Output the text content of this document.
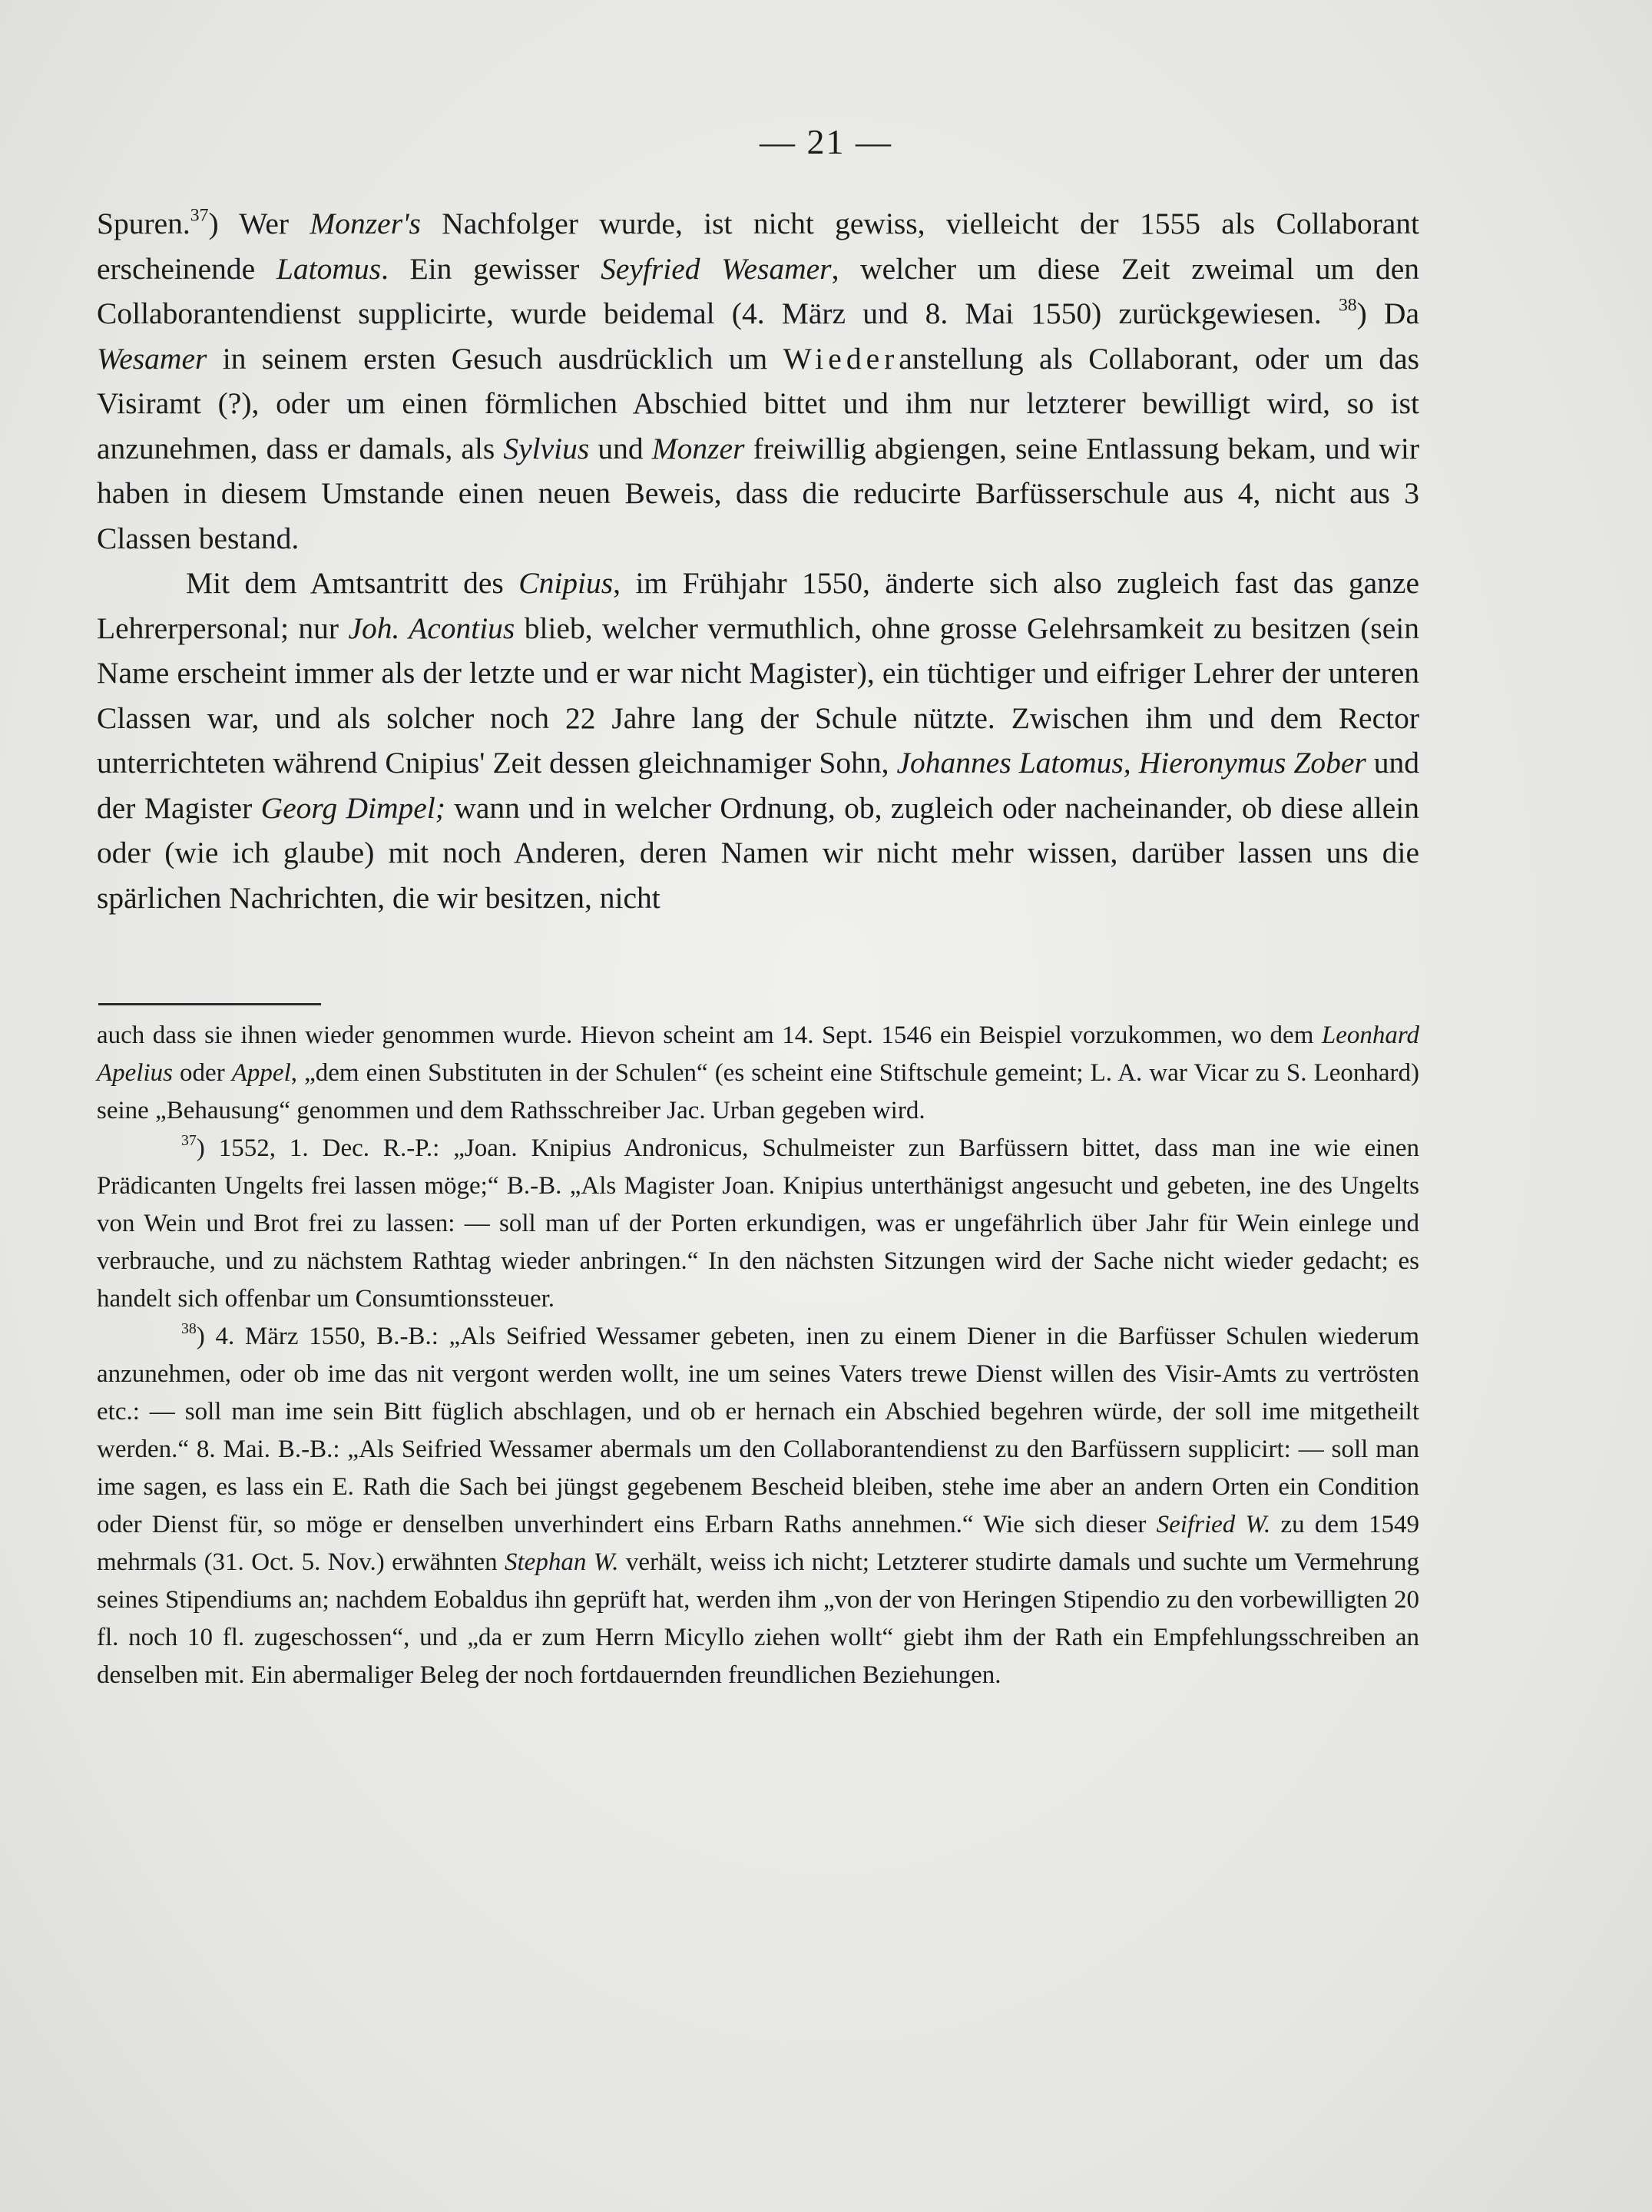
— 21 —

Spuren.$^{37}$) Wer Monzer's Nachfolger wurde, ist nicht gewiss, vielleicht der 1555 als Collaborant erscheinende Latomus. Ein gewisser Seyfried Wesamer, welcher um diese Zeit zweimal um den Collaborantendienst supplicirte, wurde beidemal (4. März und 8. Mai 1550) zurückgewiesen. $^{38}$) Da Wesamer in seinem ersten Gesuch ausdrücklich um Wiederanstellung als Collaborant, oder um das Visiramt (?), oder um einen förmlichen Abschied bittet und ihm nur letzterer bewilligt wird, so ist anzunehmen, dass er damals, als Sylvius und Monzer freiwillig abgiengen, seine Entlassung bekam, und wir haben in diesem Umstande einen neuen Beweis, dass die reducirte Barfüsserschule aus 4, nicht aus 3 Classen bestand.

Mit dem Amtsantritt des Cnipius, im Frühjahr 1550, änderte sich also zugleich fast das ganze Lehrerpersonal; nur Joh. Acontius blieb, welcher vermuthlich, ohne grosse Gelehrsamkeit zu besitzen (sein Name erscheint immer als der letzte und er war nicht Magister), ein tüchtiger und eifriger Lehrer der unteren Classen war, und als solcher noch 22 Jahre lang der Schule nützte. Zwischen ihm und dem Rector unterrichteten während Cnipius' Zeit dessen gleichnamiger Sohn, Johannes Latomus, Hieronymus Zober und der Magister Georg Dimpel; wann und in welcher Ordnung, ob, zugleich oder nacheinander, ob diese allein oder (wie ich glaube) mit noch Anderen, deren Namen wir nicht mehr wissen, darüber lassen uns die spärlichen Nachrichten, die wir besitzen, nicht

auch dass sie ihnen wieder genommen wurde. Hievon scheint am 14. Sept. 1546 ein Beispiel vorzukommen, wo dem Leonhard Apelius oder Appel, „dem einen Substituten in der Schulen“ (es scheint eine Stiftschule gemeint; L. A. war Vicar zu S. Leonhard) seine „Behausung“ genommen und dem Rathsschreiber Jac. Urban gegeben wird.

$^{37}$) 1552, 1. Dec. R.-P.: „Joan. Knipius Andronicus, Schulmeister zun Barfüssern bittet, dass man ine wie einen Prädicanten Ungelts frei lassen möge;“ B.-B. „Als Magister Joan. Knipius unterthänigst angesucht und gebeten, ine des Ungelts von Wein und Brot frei zu lassen: — soll man uf der Porten erkundigen, was er ungefährlich über Jahr für Wein einlege und verbrauche, und zu nächstem Rathtag wieder anbringen.“ In den nächsten Sitzungen wird der Sache nicht wieder gedacht; es handelt sich offenbar um Consumtionssteuer.

$^{38}$) 4. März 1550, B.-B.: „Als Seifried Wessamer gebeten, inen zu einem Diener in die Barfüsser Schulen wiederum anzunehmen, oder ob ime das nit vergont werden wollt, ine um seines Vaters trewe Dienst willen des Visir-Amts zu vertrösten etc.: — soll man ime sein Bitt füglich abschlagen, und ob er hernach ein Abschied begehren würde, der soll ime mitgetheilt werden.“ 8. Mai. B.-B.: „Als Seifried Wessamer abermals um den Collaborantendienst zu den Barfüssern supplicirt: — soll man ime sagen, es lass ein E. Rath die Sach bei jüngst gegebenem Bescheid bleiben, stehe ime aber an andern Orten ein Condition oder Dienst für, so möge er denselben unverhindert eins Erbarn Raths annehmen.“ Wie sich dieser Seifried W. zu dem 1549 mehrmals (31. Oct. 5. Nov.) erwähnten Stephan W. verhält, weiss ich nicht; Letzterer studirte damals und suchte um Vermehrung seines Stipendiums an; nachdem Eobaldus ihn geprüft hat, werden ihm „von der von Heringen Stipendio zu den vorbewilligten 20 fl. noch 10 fl. zugeschossen“, und „da er zum Herrn Micyllo ziehen wollt“ giebt ihm der Rath ein Empfehlungsschreiben an denselben mit. Ein abermaliger Beleg der noch fortdauernden freundlichen Beziehungen.
